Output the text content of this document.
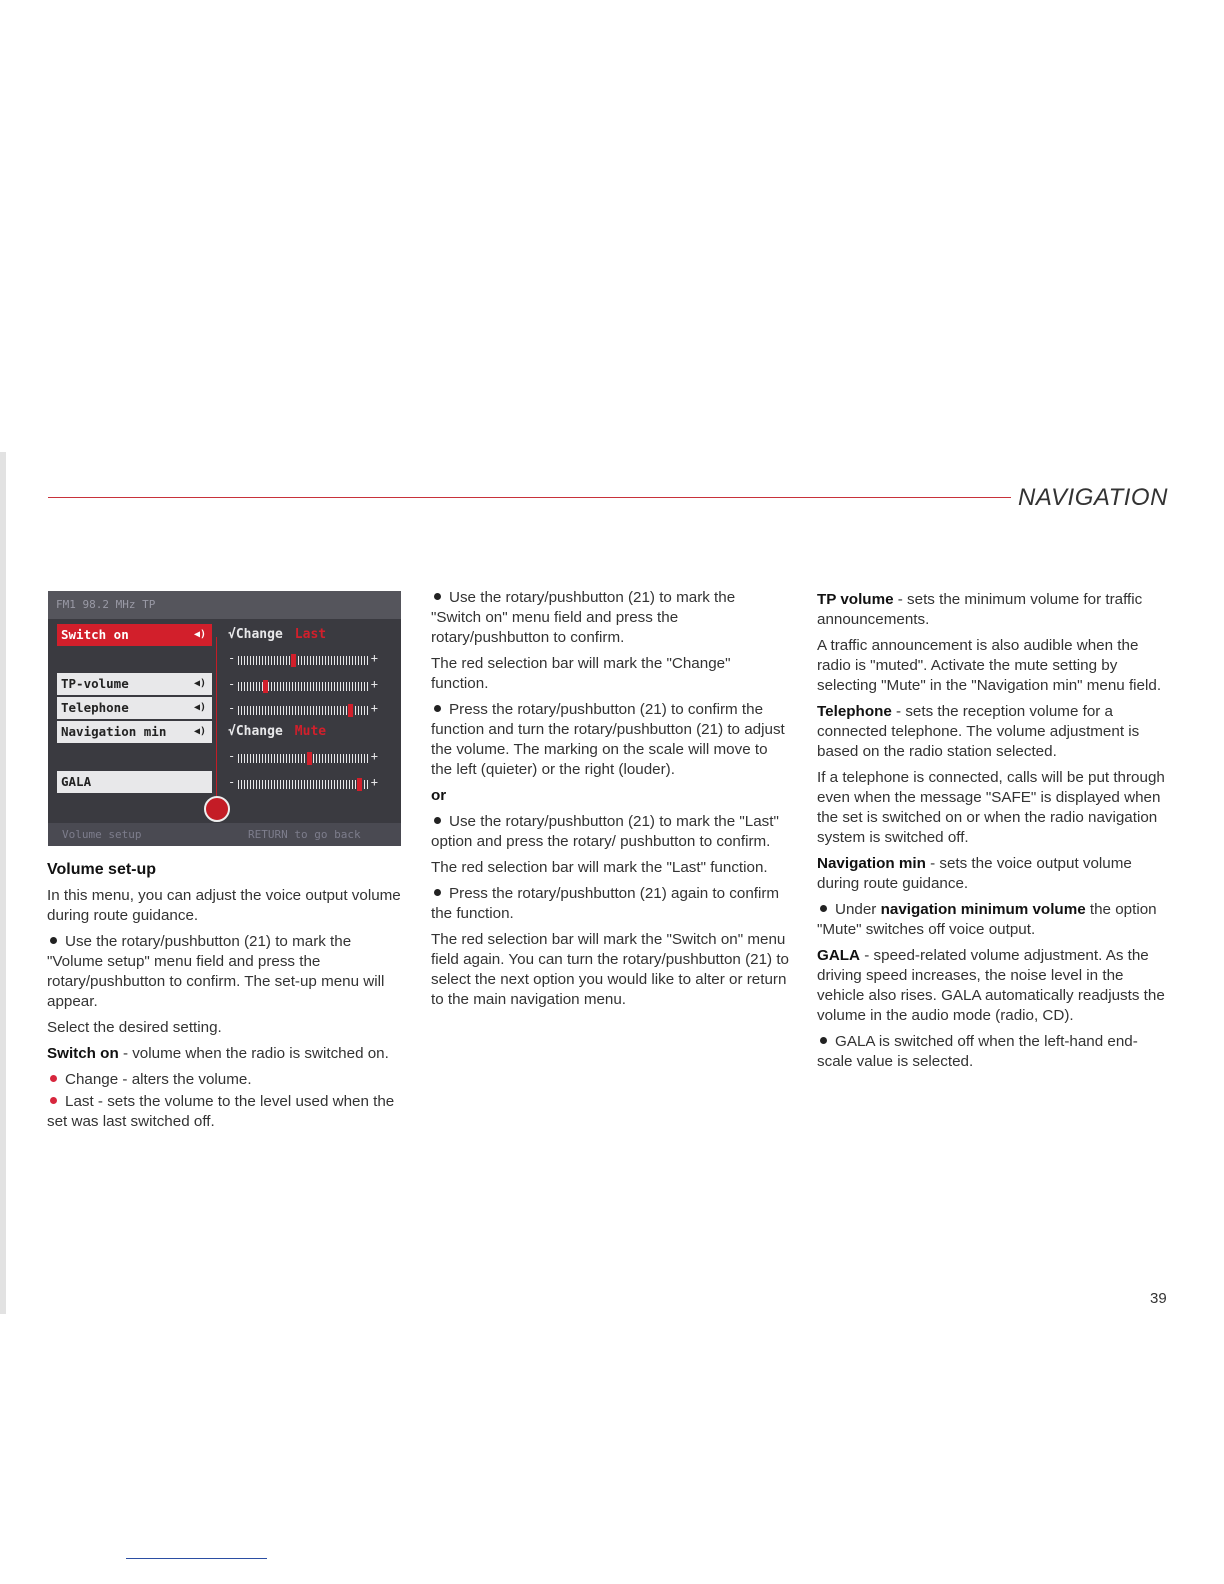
NAVIGATION
FM1 98.2 MHz TP
Switch on	◀)
TP-volume	◀)
Telephone	◀)
Navigation min	◀)
GALA
√Change Last
√Change Mute
-	+
-	+
-	+
-	+
-	+
Volume setup	RETURN to go back

Volume set-up

In this menu, you can adjust the voice output volume during route guidance.

Use the rotary/pushbutton (21) to mark the "Volume setup" menu field and press the rotary/pushbutton to confirm. The set-up menu will appear.

Select the desired setting.

Switch on - volume when the radio is switched on.

Change - alters the volume.

Last - sets the volume to the level used when the set was last switched off.

Use the rotary/pushbutton (21) to mark the "Switch on" menu field and press the rotary/pushbutton to confirm.

The red selection bar will mark the "Change" function.

Press the rotary/pushbutton (21) to confirm the function and turn the rotary/pushbutton (21) to adjust the volume. The marking on the scale will move to the left (quieter) or the right (louder).

or

Use the rotary/pushbutton (21) to mark the "Last" option and press the rotary/ pushbutton to confirm.

The red selection bar will mark the "Last" function.

Press the rotary/pushbutton (21) again to confirm the function.

The red selection bar will mark the "Switch on" menu field again. You can turn the rotary/pushbutton (21) to select the next option you would like to alter or return to the main navigation menu.

TP volume - sets the minimum volume for traffic announcements.

A traffic announcement is also audible when the radio is "muted". Activate the mute setting by selecting "Mute" in the "Navigation min" menu field.

Telephone - sets the reception volume for a connected telephone. The volume adjustment is based on the radio station selected.

If a telephone is connected, calls will be put through even when the message "SAFE" is displayed when the set is switched on or when the radio navigation system is switched off.

Navigation min - sets the voice output volume during route guidance.

Under navigation minimum volume the option "Mute" switches off voice output.

GALA - speed-related volume adjustment. As the driving speed increases, the noise level in the vehicle also rises. GALA automatically readjusts the volume in the audio mode (radio, CD).

GALA is switched off when the left-hand end-scale value is selected.

39
